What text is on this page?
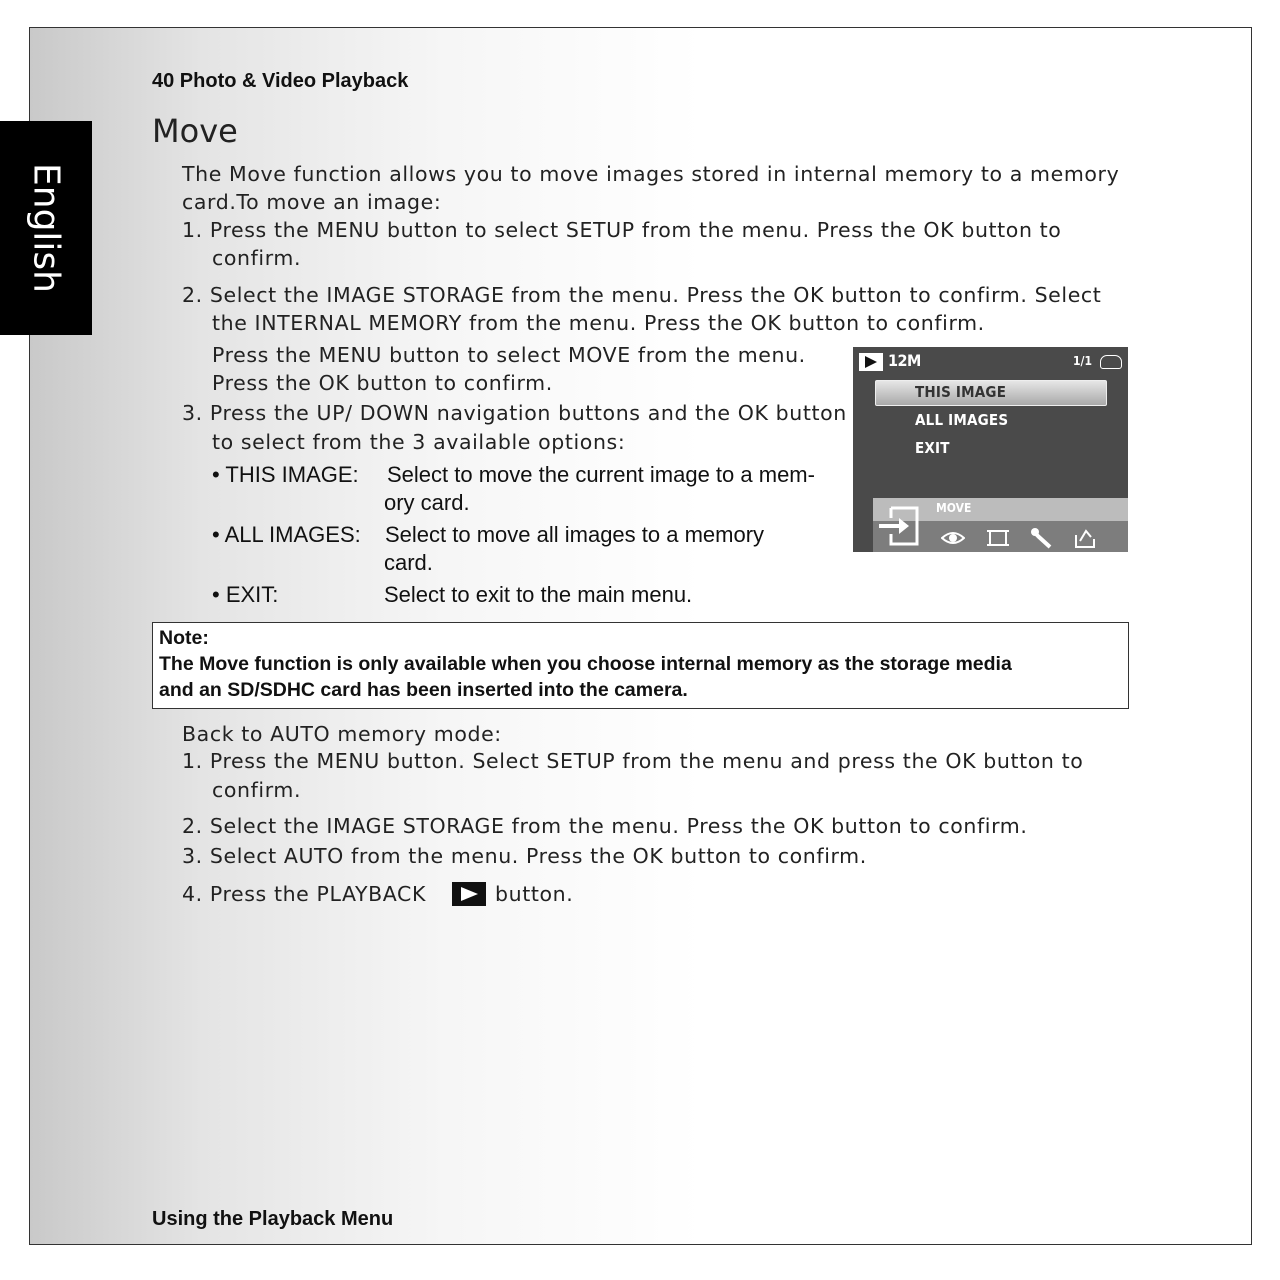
English
40 Photo & Video Playback
Move
The Move function allows you to move images stored in internal memory to a memory
card.To move an image:
1. Press the MENU button to select SETUP from the menu. Press the OK button to
confirm.
2. Select the IMAGE STORAGE from the menu. Press the OK button to confirm. Select
the INTERNAL MEMORY from the menu. Press the OK button to confirm.
Press the MENU button to select MOVE from the menu.
Press the OK button to confirm.
3. Press the UP/ DOWN navigation buttons and the OK button
to select from the 3 available options:
• THIS IMAGE: Select to move the current image to a mem-
ory card.
• ALL IMAGES: Select to move all images to a memory
card.
• EXIT:	Select to exit to the main menu.
12M	1/1
THIS IMAGE
ALL IMAGES
EXIT
MOVE
Note:
The Move function is only available when you choose internal memory as the storage media
and an SD/SDHC card has been inserted into the camera.
Back to AUTO memory mode:
1. Press the MENU button. Select SETUP from the menu and press the OK button to
confirm.
2. Select the IMAGE STORAGE from the menu. Press the OK button to confirm.
3. Select AUTO from the menu. Press the OK button to confirm.
4. Press the PLAYBACK	button.
Using the Playback Menu
